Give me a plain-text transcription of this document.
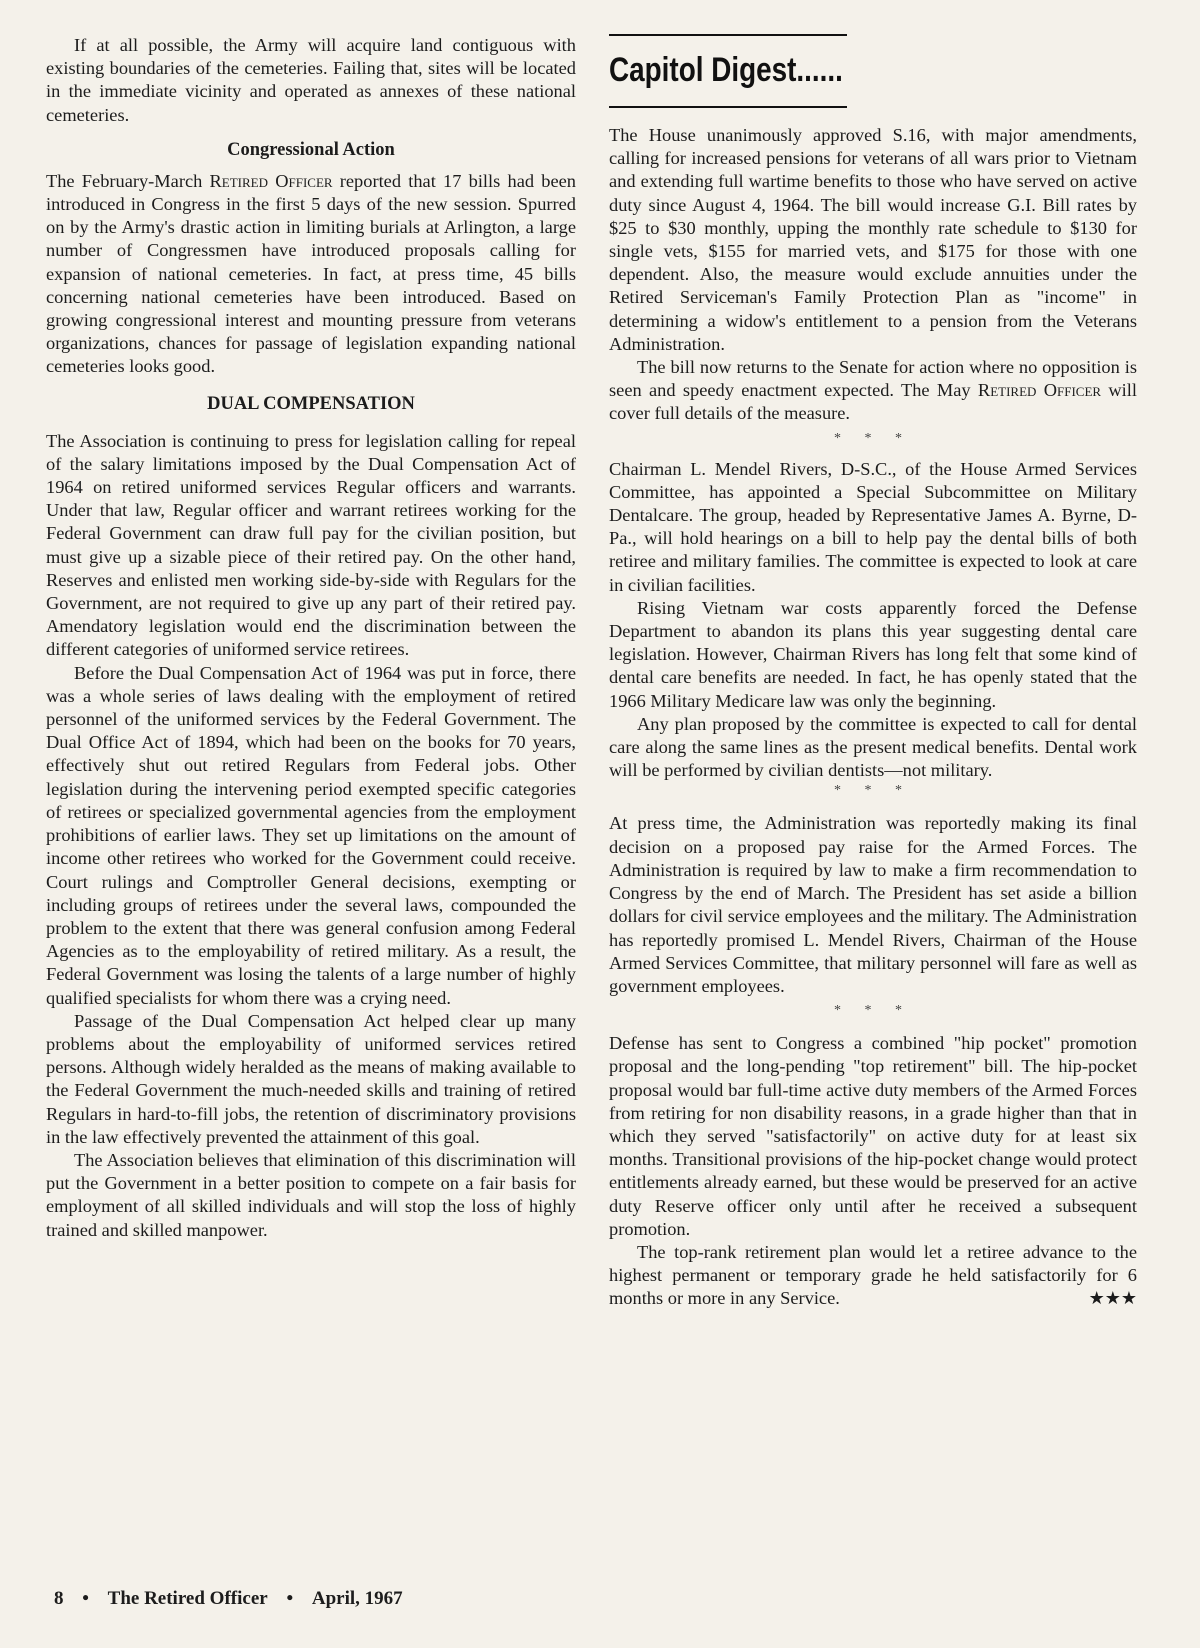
If at all possible, the Army will acquire land contiguous with existing boundaries of the cemeteries. Failing that, sites will be located in the immediate vicinity and operated as annexes of these national cemeteries.

Congressional Action

The February-March Retired Officer reported that 17 bills had been introduced in Congress in the first 5 days of the new session. Spurred on by the Army's drastic action in limiting burials at Arlington, a large number of Congressmen have introduced proposals calling for expansion of national cemeteries. In fact, at press time, 45 bills concerning national cemeteries have been introduced. Based on growing congressional interest and mounting pressure from veterans organizations, chances for passage of legislation expanding national cemeteries looks good.

DUAL COMPENSATION

The Association is continuing to press for legislation calling for repeal of the salary limitations imposed by the Dual Compensation Act of 1964 on retired uniformed services Regular officers and warrants. Under that law, Regular officer and warrant retirees working for the Federal Government can draw full pay for the civilian position, but must give up a sizable piece of their retired pay. On the other hand, Reserves and enlisted men working side-by-side with Regulars for the Government, are not required to give up any part of their retired pay. Amendatory legislation would end the discrimination between the different categories of uniformed service retirees.

Before the Dual Compensation Act of 1964 was put in force, there was a whole series of laws dealing with the employment of retired personnel of the uniformed services by the Federal Government. The Dual Office Act of 1894, which had been on the books for 70 years, effectively shut out retired Regulars from Federal jobs. Other legislation during the intervening period exempted specific categories of retirees or specialized governmental agencies from the employment prohibitions of earlier laws. They set up limitations on the amount of income other retirees who worked for the Government could receive. Court rulings and Comptroller General decisions, exempting or including groups of retirees under the several laws, compounded the problem to the extent that there was general confusion among Federal Agencies as to the employability of retired military. As a result, the Federal Government was losing the talents of a large number of highly qualified specialists for whom there was a crying need.

Passage of the Dual Compensation Act helped clear up many problems about the employability of uniformed services retired persons. Although widely heralded as the means of making available to the Federal Government the much-needed skills and training of retired Regulars in hard-to-fill jobs, the retention of discriminatory provisions in the law effectively prevented the attainment of this goal.

The Association believes that elimination of this discrimination will put the Government in a better position to compete on a fair basis for employment of all skilled individuals and will stop the loss of highly trained and skilled manpower.

Capitol Digest......

The House unanimously approved S.16, with major amendments, calling for increased pensions for veterans of all wars prior to Vietnam and extending full wartime benefits to those who have served on active duty since August 4, 1964. The bill would increase G.I. Bill rates by $25 to $30 monthly, upping the monthly rate schedule to $130 for single vets, $155 for married vets, and $175 for those with one dependent. Also, the measure would exclude annuities under the Retired Serviceman's Family Protection Plan as "income" in determining a widow's entitlement to a pension from the Veterans Administration.

The bill now returns to the Senate for action where no opposition is seen and speedy enactment expected. The May Retired Officer will cover full details of the measure.

* * *

Chairman L. Mendel Rivers, D-S.C., of the House Armed Services Committee, has appointed a Special Subcommittee on Military Dentalcare. The group, headed by Representative James A. Byrne, D-Pa., will hold hearings on a bill to help pay the dental bills of both retiree and military families. The committee is expected to look at care in civilian facilities.

Rising Vietnam war costs apparently forced the Defense Department to abandon its plans this year suggesting dental care legislation. However, Chairman Rivers has long felt that some kind of dental care benefits are needed. In fact, he has openly stated that the 1966 Military Medicare law was only the beginning.

Any plan proposed by the committee is expected to call for dental care along the same lines as the present medical benefits. Dental work will be performed by civilian dentists—not military.

* * *

At press time, the Administration was reportedly making its final decision on a proposed pay raise for the Armed Forces. The Administration is required by law to make a firm recommendation to Congress by the end of March. The President has set aside a billion dollars for civil service employees and the military. The Administration has reportedly promised L. Mendel Rivers, Chairman of the House Armed Services Committee, that military personnel will fare as well as government employees.

* * *

Defense has sent to Congress a combined "hip pocket" promotion proposal and the long-pending "top retirement" bill. The hip-pocket proposal would bar full-time active duty members of the Armed Forces from retiring for non disability reasons, in a grade higher than that in which they served "satisfactorily" on active duty for at least six months. Transitional provisions of the hip-pocket change would protect entitlements already earned, but these would be preserved for an active duty Reserve officer only until after he received a subsequent promotion.

The top-rank retirement plan would let a retiree advance to the highest permanent or temporary grade he held satisfactorily for 6 months or more in any Service.	★★★

8 • The Retired Officer • April, 1967
